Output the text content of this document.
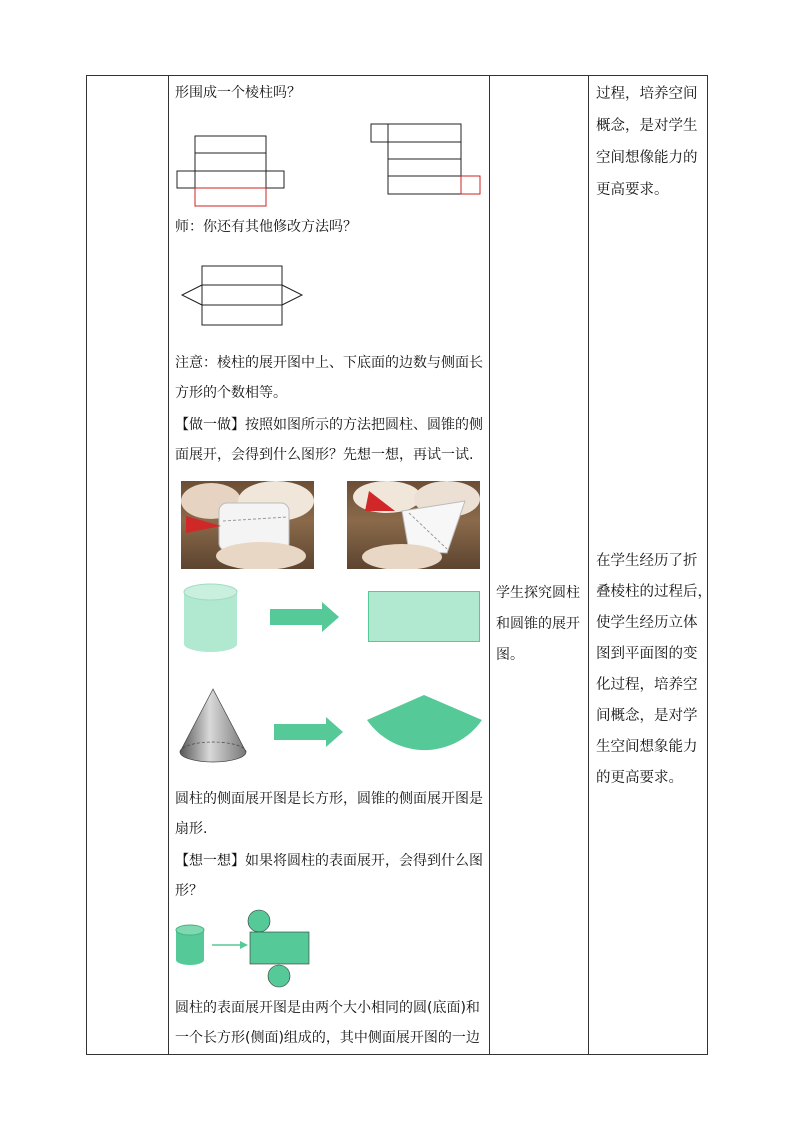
形围成一个棱柱吗？
师：你还有其他修改方法吗？
注意：棱柱的展开图中上、下底面的边数与侧面长
方形的个数相等。
【做一做】按照如图所示的方法把圆柱、圆锥的侧
面展开，会得到什么图形？先想一想，再试一试.
圆柱的侧面展开图是长方形，圆锥的侧面展开图是
扇形.
【想一想】如果将圆柱的表面展开，会得到什么图
形？
圆柱的表面展开图是由两个大小相同的圆(底面)和
一个长方形(侧面)组成的，其中侧面展开图的一边
学生探究圆柱
和圆锥的展开
图。
过程，培养空间
概念，是对学生
空间想像能力的
更高要求。
在学生经历了折
叠棱柱的过程后，
使学生经历立体
图到平面图的变
化过程，培养空
间概念，是对学
生空间想象能力
的更高要求。
